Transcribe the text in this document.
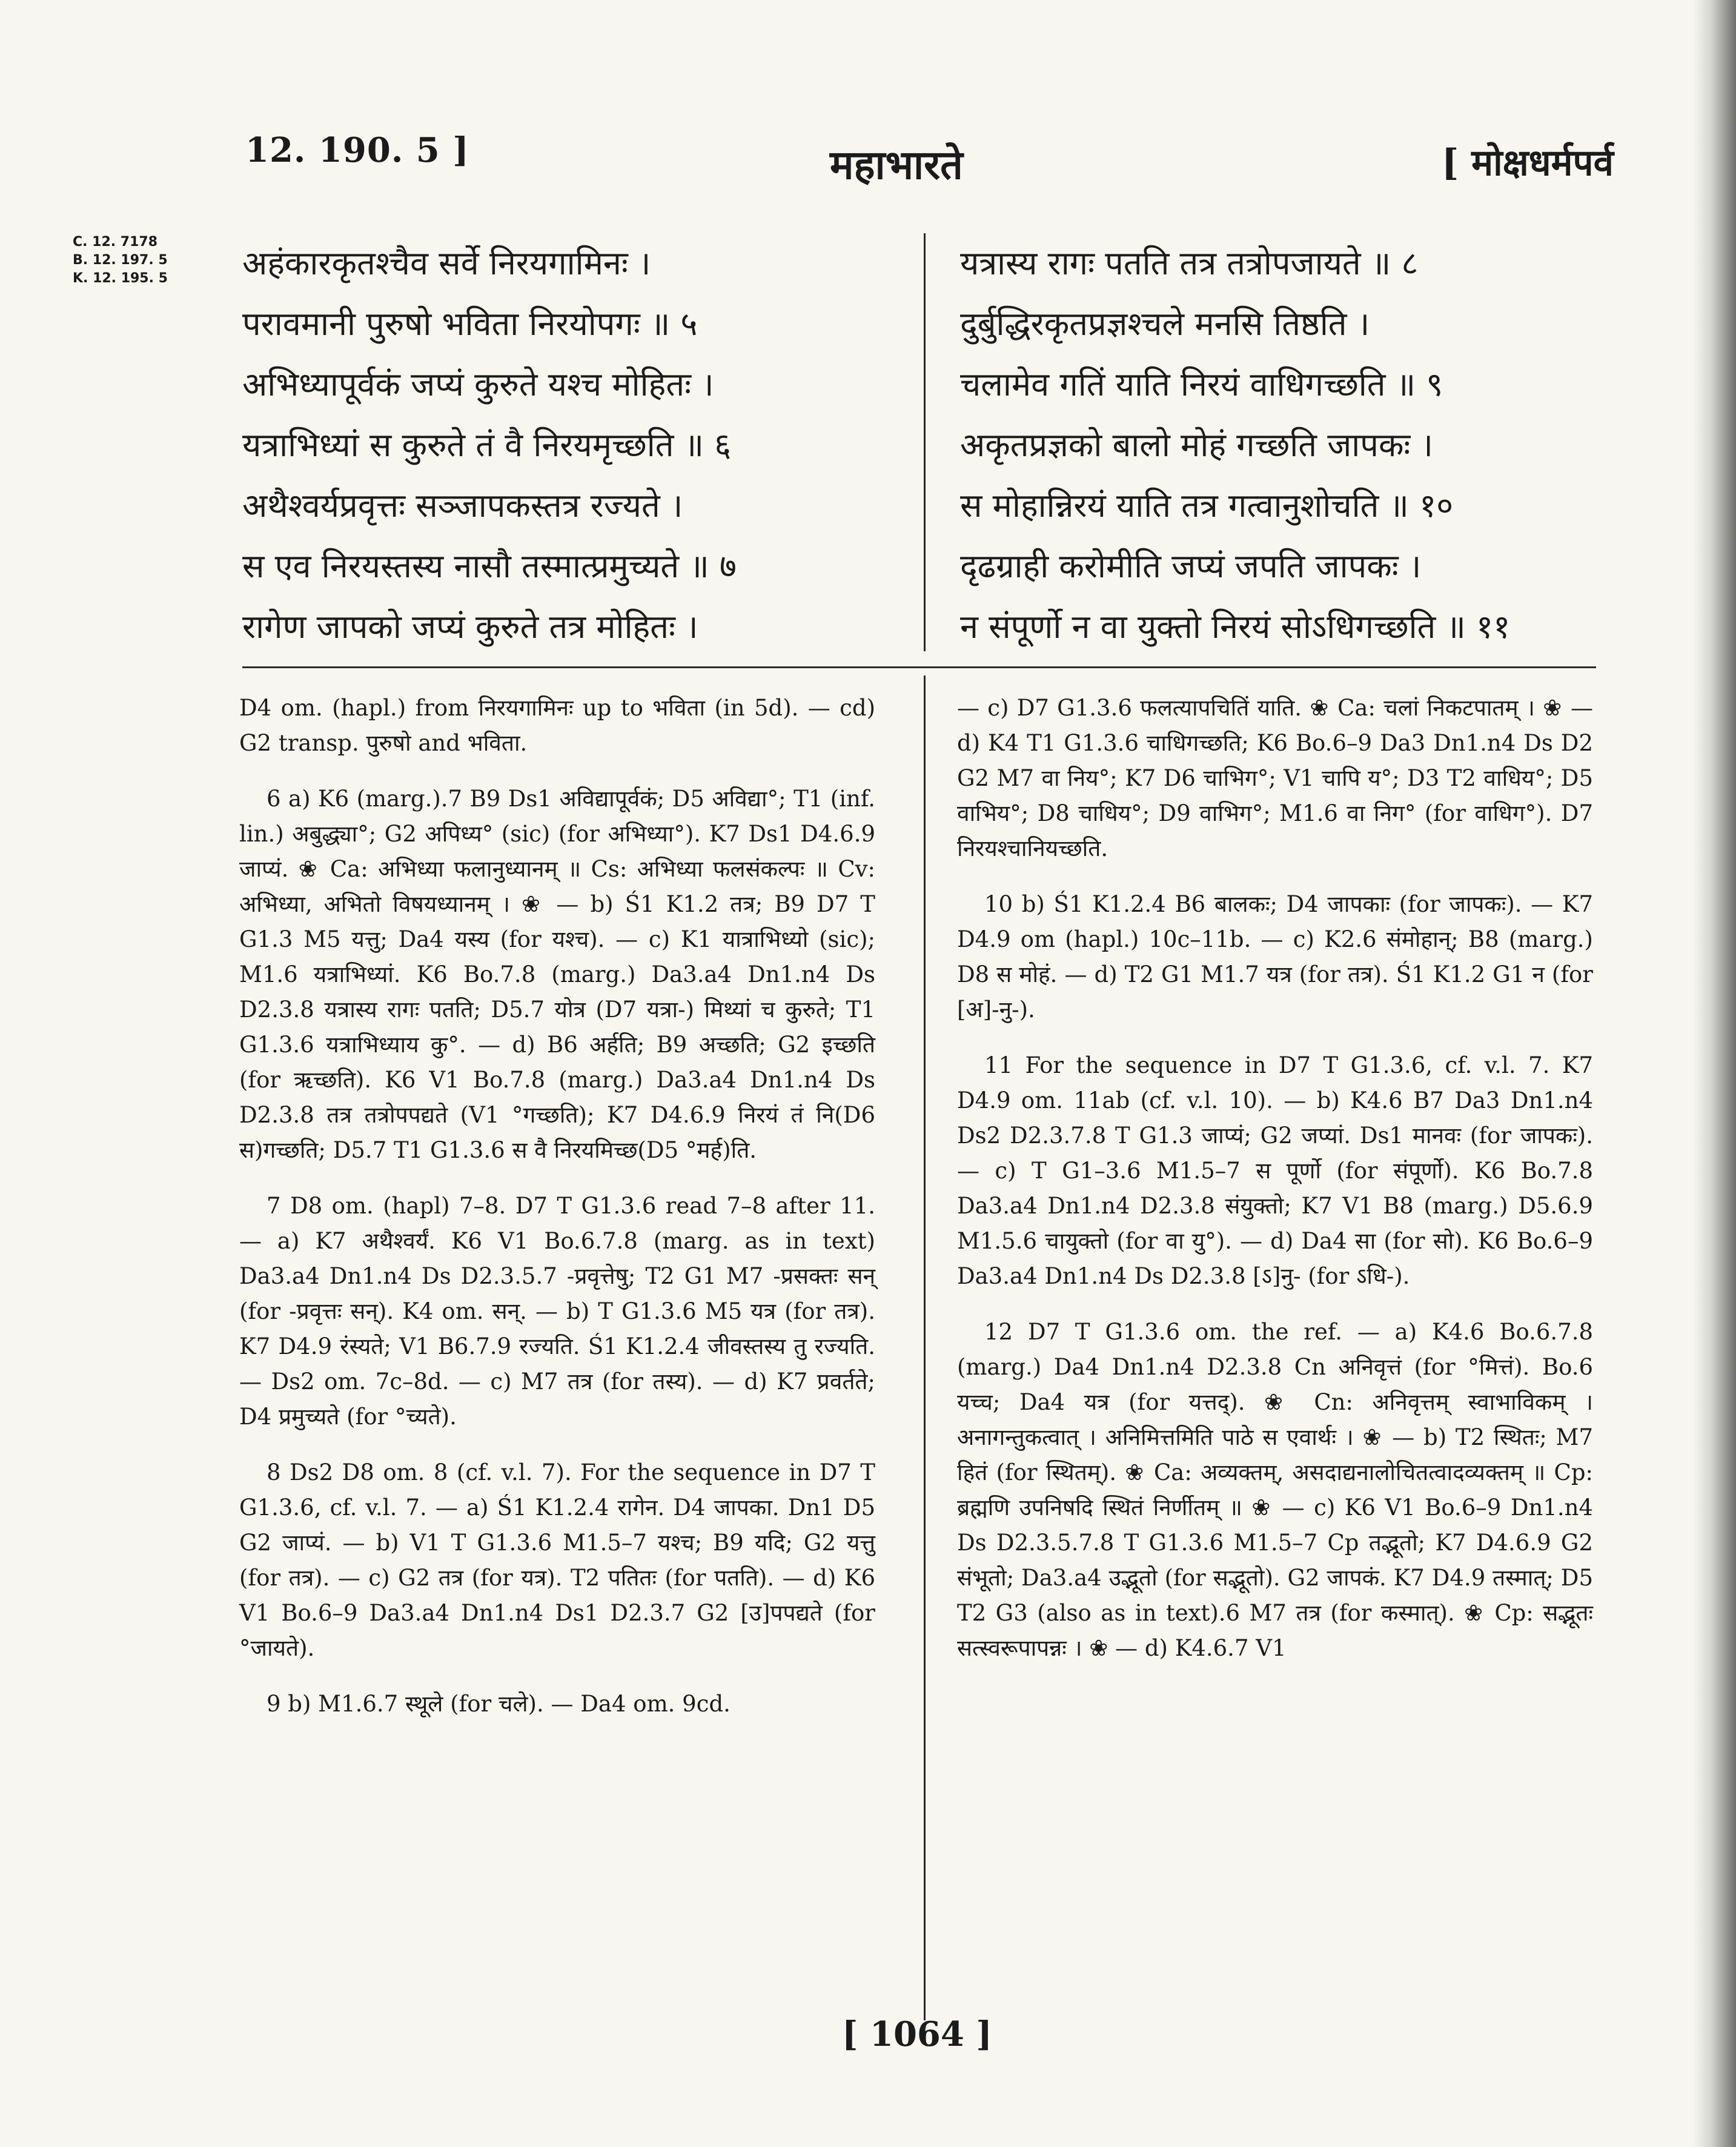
12. 190. 5 ]	महाभारते	[ मोक्षधर्मपर्व
C. 12. 7178
B. 12. 197. 5
K. 12. 195. 5 अहंकारकृतश्चैव सर्वे निरयगामिनः ।
परावमानी पुरुषो भविता निरयोपगः ॥ ५
अभिध्यापूर्वकं जप्यं कुरुते यश्च मोहितः ।
यत्राभिध्यां स कुरुते तं वै निरयमृच्छति ॥ ६
अथैश्वर्यप्रवृत्तः सञ्जापकस्तत्र रज्यते ।
स एव निरयस्तस्य नासौ तस्मात्प्रमुच्यते ॥ ७
रागेण जापको जप्यं कुरुते तत्र मोहितः ।
यत्रास्य रागः पतति तत्र तत्रोपजायते ॥ ८
दुर्बुद्धिरकृतप्रज्ञश्चले मनसि तिष्ठति ।
चलामेव गतिं याति निरयं वाधिगच्छति ॥ ९
अकृतप्रज्ञको बालो मोहं गच्छति जापकः ।
स मोहान्निरयं याति तत्र गत्वानुशोचति ॥ १०
दृढग्राही करोमीति जप्यं जपति जापकः ।
न संपूर्णो न वा युक्तो निरयं सोऽधिगच्छति ॥ ११

D4 om. (hapl.) from निरयगामिनः up to भविता (in 5d). — cd) G2 transp. पुरुषो and भविता.

6 a) K6 (marg.).7 B9 Ds1 अविद्यापूर्वकं; D5 अविद्या°; T1 (inf. lin.) अबुद्ध्या°; G2 अपिध्य° (sic) (for अभिध्या°). K7 Ds1 D4.6.9 जाप्यं. ❀ Ca: अभिध्या फलानुध्यानम् ॥ Cs: अभिध्या फलसंकल्पः ॥ Cv: अभिध्या, अभितो विषयध्यानम् । ❀ — b) Ś1 K1.2 तत्र; B9 D7 T G1.3 M5 यत्तु; Da4 यस्य (for यश्च). — c) K1 यात्राभिध्यो (sic); M1.6 यत्राभिध्यां. K6 Bo.7.8 (marg.) Da3.a4 Dn1.n4 Ds D2.3.8 यत्रास्य रागः पतति; D5.7 योत्र (D7 यत्रा-) मिथ्यां च कुरुते; T1 G1.3.6 यत्राभिध्याय कु°. — d) B6 अर्हति; B9 अच्छति; G2 इच्छति (for ऋच्छति). K6 V1 Bo.7.8 (marg.) Da3.a4 Dn1.n4 Ds D2.3.8 तत्र तत्रोपपद्यते (V1 °गच्छति); K7 D4.6.9 निरयं तं नि(D6 स)गच्छति; D5.7 T1 G1.3.6 स वै निरयमिच्छ(D5 °मर्ह)ति.

7 D8 om. (hapl) 7–8. D7 T G1.3.6 read 7–8 after 11. — a) K7 अथैश्वर्यं. K6 V1 Bo.6.7.8 (marg. as in text) Da3.a4 Dn1.n4 Ds D2.3.5.7 -प्रवृत्तेषु; T2 G1 M7 -प्रसक्तः सन् (for -प्रवृत्तः सन्). K4 om. सन्. — b) T G1.3.6 M5 यत्र (for तत्र). K7 D4.9 रंस्यते; V1 B6.7.9 रज्यति. Ś1 K1.2.4 जीवस्तस्य तु रज्यति. — Ds2 om. 7c–8d. — c) M7 तत्र (for तस्य). — d) K7 प्रवर्तते; D4 प्रमुच्यते (for °च्यते).

8 Ds2 D8 om. 8 (cf. v.l. 7). For the sequence in D7 T G1.3.6, cf. v.l. 7. — a) Ś1 K1.2.4 रागेन. D4 जापका. Dn1 D5 G2 जाप्यं. — b) V1 T G1.3.6 M1.5–7 यश्च; B9 यदि; G2 यत्तु (for तत्र). — c) G2 तत्र (for यत्र). T2 पतितः (for पतति). — d) K6 V1 Bo.6–9 Da3.a4 Dn1.n4 Ds1 D2.3.7 G2 [उ]पपद्यते (for °जायते).

9 b) M1.6.7 स्थूले (for चले). — Da4 om. 9cd.

— c) D7 G1.3.6 फलत्यापचितिं याति. ❀ Ca: चलां निकटपातम् । ❀ — d) K4 T1 G1.3.6 चाधिगच्छति; K6 Bo.6–9 Da3 Dn1.n4 Ds D2 G2 M7 वा निय°; K7 D6 चाभिग°; V1 चापि य°; D3 T2 वाधिय°; D5 वाभिय°; D8 चाधिय°; D9 वाभिग°; M1.6 वा निग° (for वाधिग°). D7 निरयश्चानियच्छति.

10 b) Ś1 K1.2.4 B6 बालकः; D4 जापकाः (for जापकः). — K7 D4.9 om (hapl.) 10c–11b. — c) K2.6 संमोहान्; B8 (marg.) D8 स मोहं. — d) T2 G1 M1.7 यत्र (for तत्र). Ś1 K1.2 G1 न (for [अ]-नु-).

11 For the sequence in D7 T G1.3.6, cf. v.l. 7. K7 D4.9 om. 11ab (cf. v.l. 10). — b) K4.6 B7 Da3 Dn1.n4 Ds2 D2.3.7.8 T G1.3 जाप्यं; G2 जप्यां. Ds1 मानवः (for जापकः). — c) T G1–3.6 M1.5–7 स पूर्णो (for संपूर्णो). K6 Bo.7.8 Da3.a4 Dn1.n4 D2.3.8 संयुक्तो; K7 V1 B8 (marg.) D5.6.9 M1.5.6 चायुक्तो (for वा यु°). — d) Da4 सा (for सो). K6 Bo.6–9 Da3.a4 Dn1.n4 Ds D2.3.8 [ऽ]नु- (for ऽधि-).

12 D7 T G1.3.6 om. the ref. — a) K4.6 Bo.6.7.8 (marg.) Da4 Dn1.n4 D2.3.8 Cn अनिवृत्तं (for °मित्तं). Bo.6 यच्च; Da4 यत्र (for यत्तद्). ❀ Cn: अनिवृत्तम् स्वाभाविकम् । अनागन्तुकत्वात् । अनिमित्तमिति पाठे स एवार्थः । ❀ — b) T2 स्थितः; M7 हितं (for स्थितम्). ❀ Ca: अव्यक्तम्, असदाद्यनालोचितत्वादव्यक्तम् ॥ Cp: ब्रह्मणि उपनिषदि स्थितं निर्णीतम् ॥ ❀ — c) K6 V1 Bo.6–9 Dn1.n4 Ds D2.3.5.7.8 T G1.3.6 M1.5–7 Cp तद्भूतो; K7 D4.6.9 G2 संभूतो; Da3.a4 उद्भूतो (for सद्भूतो). G2 जापकं. K7 D4.9 तस्मात्; D5 T2 G3 (also as in text).6 M7 तत्र (for कस्मात्). ❀ Cp: सद्भूतः सत्स्वरूपापन्नः । ❀ — d) K4.6.7 V1

[ 1064 ]
